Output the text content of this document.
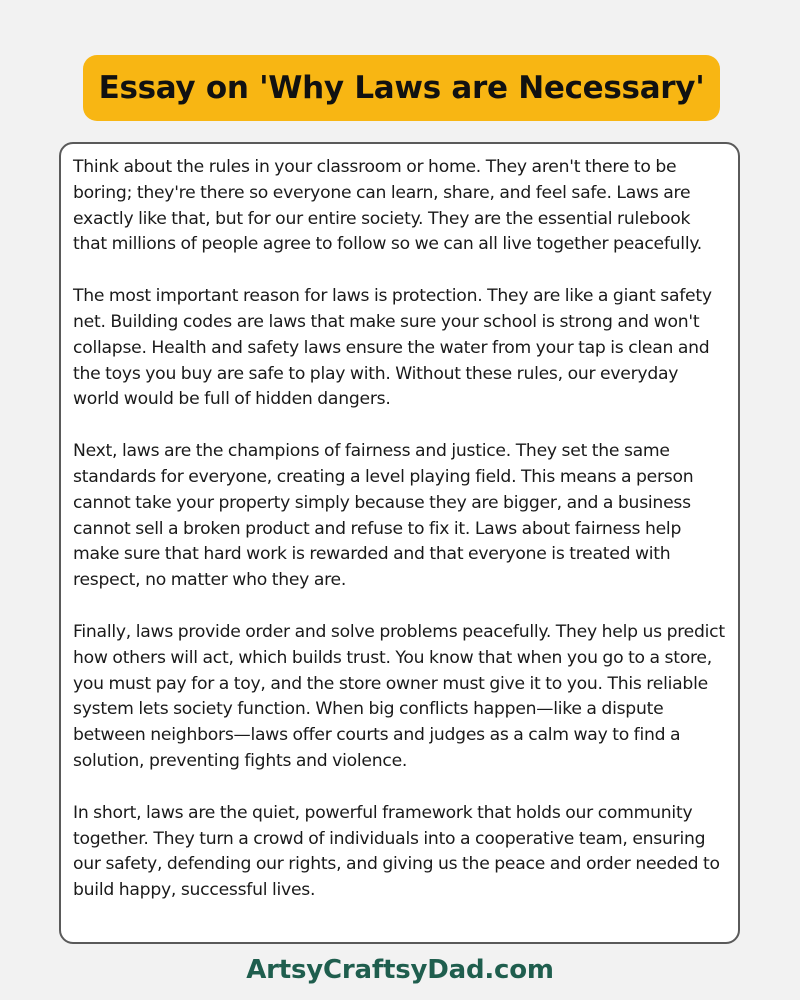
Essay on 'Why Laws are Necessary'

Think about the rules in your classroom or home. They aren't there to be boring; they're there so everyone can learn, share, and feel safe. Laws are exactly like that, but for our entire society. They are the essential rulebook that millions of people agree to follow so we can all live together peacefully.

The most important reason for laws is protection. They are like a giant safety net. Building codes are laws that make sure your school is strong and won't collapse. Health and safety laws ensure the water from your tap is clean and the toys you buy are safe to play with. Without these rules, our everyday world would be full of hidden dangers.

Next, laws are the champions of fairness and justice. They set the same standards for everyone, creating a level playing field. This means a person cannot take your property simply because they are bigger, and a business cannot sell a broken product and refuse to fix it. Laws about fairness help make sure that hard work is rewarded and that everyone is treated with respect, no matter who they are.

Finally, laws provide order and solve problems peacefully. They help us predict how others will act, which builds trust. You know that when you go to a store, you must pay for a toy, and the store owner must give it to you. This reliable system lets society function. When big conflicts happen—like a dispute between neighbors—laws offer courts and judges as a calm way to find a solution, preventing fights and violence.

In short, laws are the quiet, powerful framework that holds our community together. They turn a crowd of individuals into a cooperative team, ensuring our safety, defending our rights, and giving us the peace and order needed to build happy, successful lives.

ArtsyCraftsyDad.com
